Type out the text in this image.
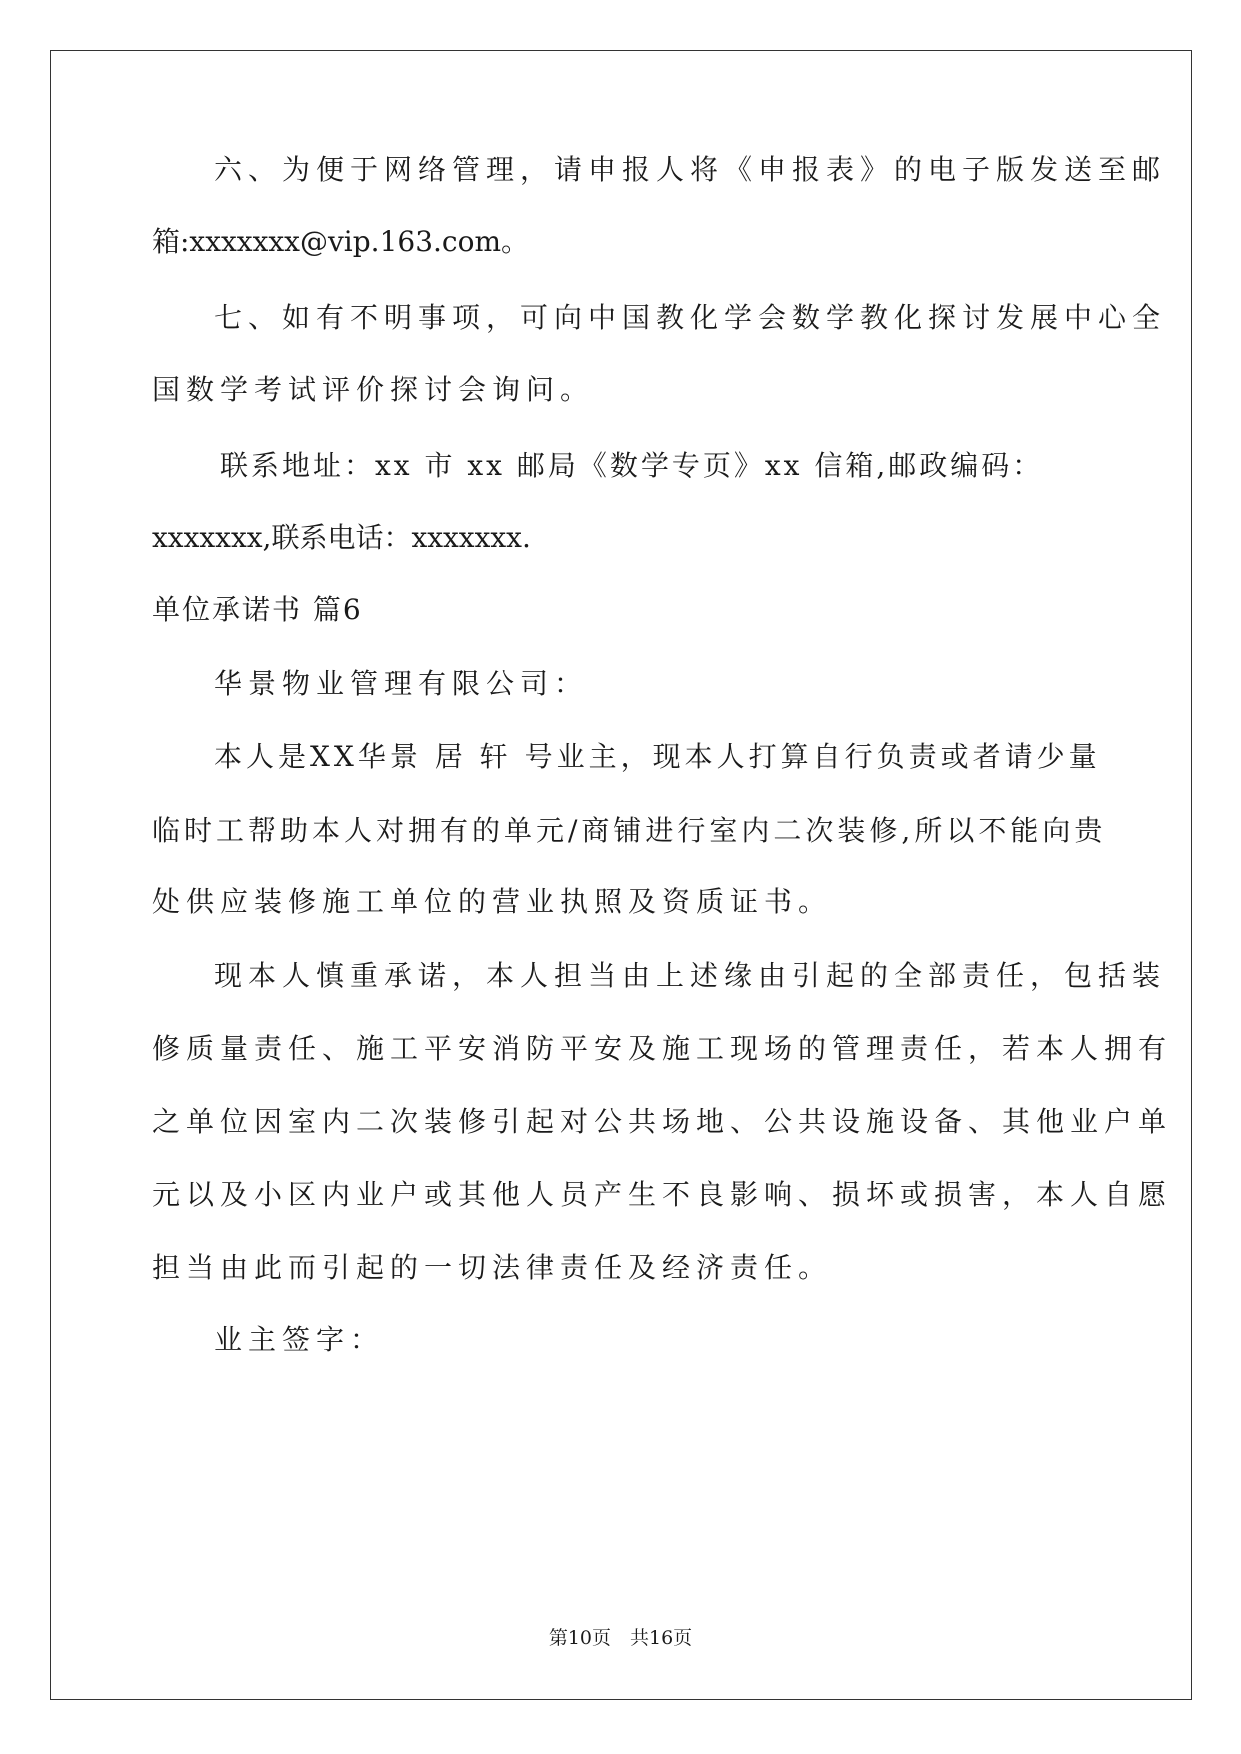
六、为便于网络管理，请申报人将《申报表》的电子版发送至邮
箱:xxxxxxx@vip.163.com。
七、如有不明事项，可向中国教化学会数学教化探讨发展中心全
国数学考试评价探讨会询问。
联系地址：xx 市 xx 邮局《数学专页》xx 信箱,邮政编码：
xxxxxxx,联系电话：xxxxxxx.
单位承诺书 篇6
华景物业管理有限公司：
本人是XX华景 居 轩 号业主，现本人打算自行负责或者请少量
临时工帮助本人对拥有的单元/商铺进行室内二次装修,所以不能向贵
处供应装修施工单位的营业执照及资质证书。
现本人慎重承诺，本人担当由上述缘由引起的全部责任，包括装
修质量责任、施工平安消防平安及施工现场的管理责任，若本人拥有
之单位因室内二次装修引起对公共场地、公共设施设备、其他业户单
元以及小区内业户或其他人员产生不良影响、损坏或损害，本人自愿
担当由此而引起的一切法律责任及经济责任。
业主签字：
第10页　共16页
